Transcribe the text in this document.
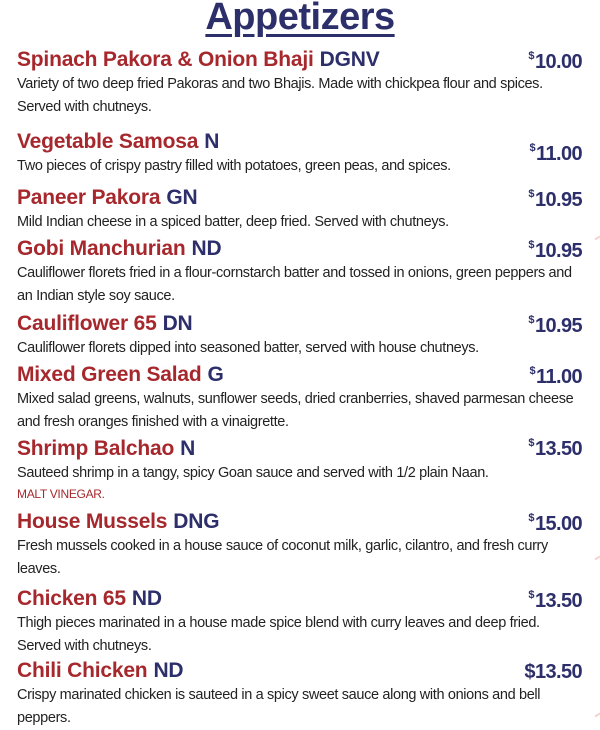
Appetizers
Spinach Pakora & Onion Bhaji DGNV	$10.00
Variety of two deep fried Pakoras and two Bhajis. Made with chickpea flour and spices. Served with chutneys.
Vegetable Samosa N	$11.00
Two pieces of crispy pastry filled with potatoes, green peas, and spices.
Paneer Pakora GN	$10.95
Mild Indian cheese in a spiced batter, deep fried. Served with chutneys.
Gobi Manchurian ND	$10.95
Cauliflower florets fried in a flour-cornstarch batter and tossed in onions, green peppers and an Indian style soy sauce.
Cauliflower 65 DN	$10.95
Cauliflower florets dipped into seasoned batter, served with house chutneys.
Mixed Green Salad G	$11.00
Mixed salad greens, walnuts, sunflower seeds, dried cranberries, shaved parmesan cheese and fresh oranges finished with a vinaigrette.
Shrimp Balchao N	$13.50
Sauteed shrimp in a tangy, spicy Goan sauce and served with 1/2 plain Naan.
MALT VINEGAR.
House Mussels DNG	$15.00
Fresh mussels cooked in a house sauce of coconut milk, garlic, cilantro, and fresh curry leaves.
Chicken 65 ND	$13.50
Thigh pieces marinated in a house made spice blend with curry leaves and deep fried. Served with chutneys.
Chili Chicken ND	$13.50
Crispy marinated chicken is sauteed in a spicy sweet sauce along with onions and bell peppers.
